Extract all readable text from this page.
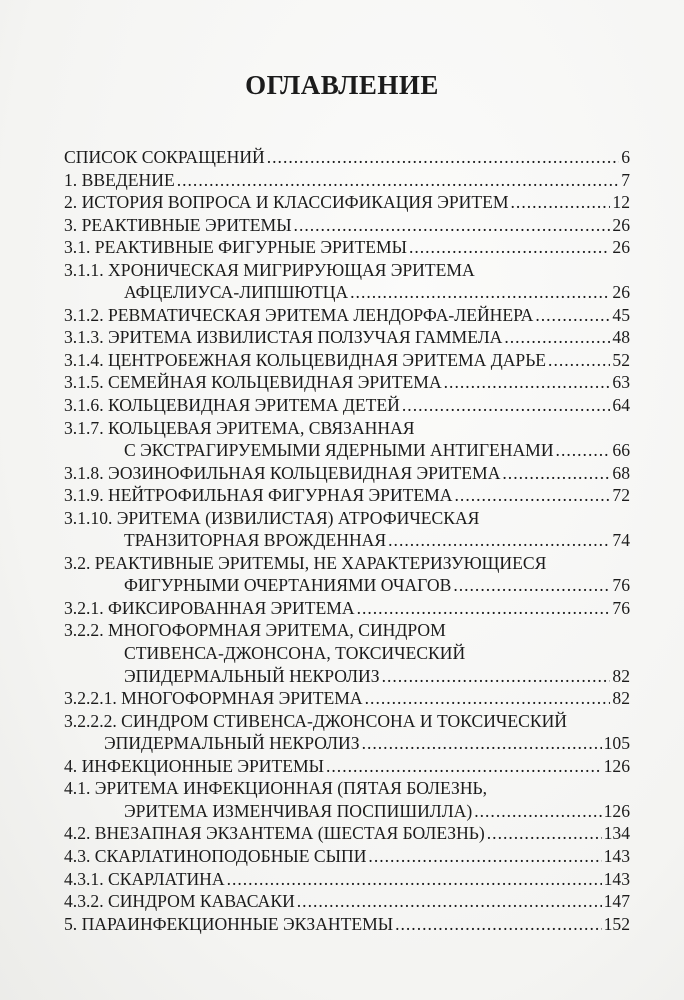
ОГЛАВЛЕНИЕ
СПИСОК СОКРАЩЕНИЙ .....	6
1. ВВЕДЕНИЕ .....	7
2. ИСТОРИЯ ВОПРОСА И КЛАССИФИКАЦИЯ ЭРИТЕМ .....	12
3. РЕАКТИВНЫЕ ЭРИТЕМЫ .....	26
3.1. РЕАКТИВНЫЕ ФИГУРНЫЕ ЭРИТЕМЫ .....	26
3.1.1. ХРОНИЧЕСКАЯ МИГРИРУЮЩАЯ ЭРИТЕМА
АФЦЕЛИУСА-ЛИПШЮТЦА .....	26
3.1.2. РЕВМАТИЧЕСКАЯ ЭРИТЕМА ЛЕНДОРФА-ЛЕЙНЕРА .....	45
3.1.3. ЭРИТЕМА ИЗВИЛИСТАЯ ПОЛЗУЧАЯ ГАММЕЛА .....	48
3.1.4. ЦЕНТРОБЕЖНАЯ КОЛЬЦЕВИДНАЯ ЭРИТЕМА ДАРЬЕ .....	52
3.1.5. СЕМЕЙНАЯ КОЛЬЦЕВИДНАЯ ЭРИТЕМА .....	63
3.1.6. КОЛЬЦЕВИДНАЯ ЭРИТЕМА ДЕТЕЙ .....	64
3.1.7. КОЛЬЦЕВАЯ ЭРИТЕМА, СВЯЗАННАЯ
С ЭКСТРАГИРУЕМЫМИ ЯДЕРНЫМИ АНТИГЕНАМИ .....	66
3.1.8. ЭОЗИНОФИЛЬНАЯ КОЛЬЦЕВИДНАЯ ЭРИТЕМА .....	68
3.1.9. НЕЙТРОФИЛЬНАЯ ФИГУРНАЯ ЭРИТЕМА .....	72
3.1.10. ЭРИТЕМА (ИЗВИЛИСТАЯ) АТРОФИЧЕСКАЯ
ТРАНЗИТОРНАЯ ВРОЖДЕННАЯ .....	74
3.2. РЕАКТИВНЫЕ ЭРИТЕМЫ, НЕ ХАРАКТЕРИЗУЮЩИЕСЯ
ФИГУРНЫМИ ОЧЕРТАНИЯМИ ОЧАГОВ .....	76
3.2.1. ФИКСИРОВАННАЯ ЭРИТЕМА .....	76
3.2.2. МНОГОФОРМНАЯ ЭРИТЕМА, СИНДРОМ
СТИВЕНСА-ДЖОНСОНА, ТОКСИЧЕСКИЙ
ЭПИДЕРМАЛЬНЫЙ НЕКРОЛИЗ .....	82
3.2.2.1. МНОГОФОРМНАЯ ЭРИТЕМА .....	82
3.2.2.2. СИНДРОМ СТИВЕНСА-ДЖОНСОНА И ТОКСИЧЕСКИЙ
ЭПИДЕРМАЛЬНЫЙ НЕКРОЛИЗ .....	105
4. ИНФЕКЦИОННЫЕ ЭРИТЕМЫ .....	126
4.1. ЭРИТЕМА ИНФЕКЦИОННАЯ (ПЯТАЯ БОЛЕЗНЬ,
ЭРИТЕМА ИЗМЕНЧИВАЯ ПОСПИШИЛЛА) .....	126
4.2. ВНЕЗАПНАЯ ЭКЗАНТЕМА (ШЕСТАЯ БОЛЕЗНЬ) .....	134
4.3. СКАРЛАТИНОПОДОБНЫЕ СЫПИ .....	143
4.3.1. СКАРЛАТИНА .....	143
4.3.2. СИНДРОМ КАВАСАКИ .....	147
5. ПАРАИНФЕКЦИОННЫЕ ЭКЗАНТЕМЫ .....	152
